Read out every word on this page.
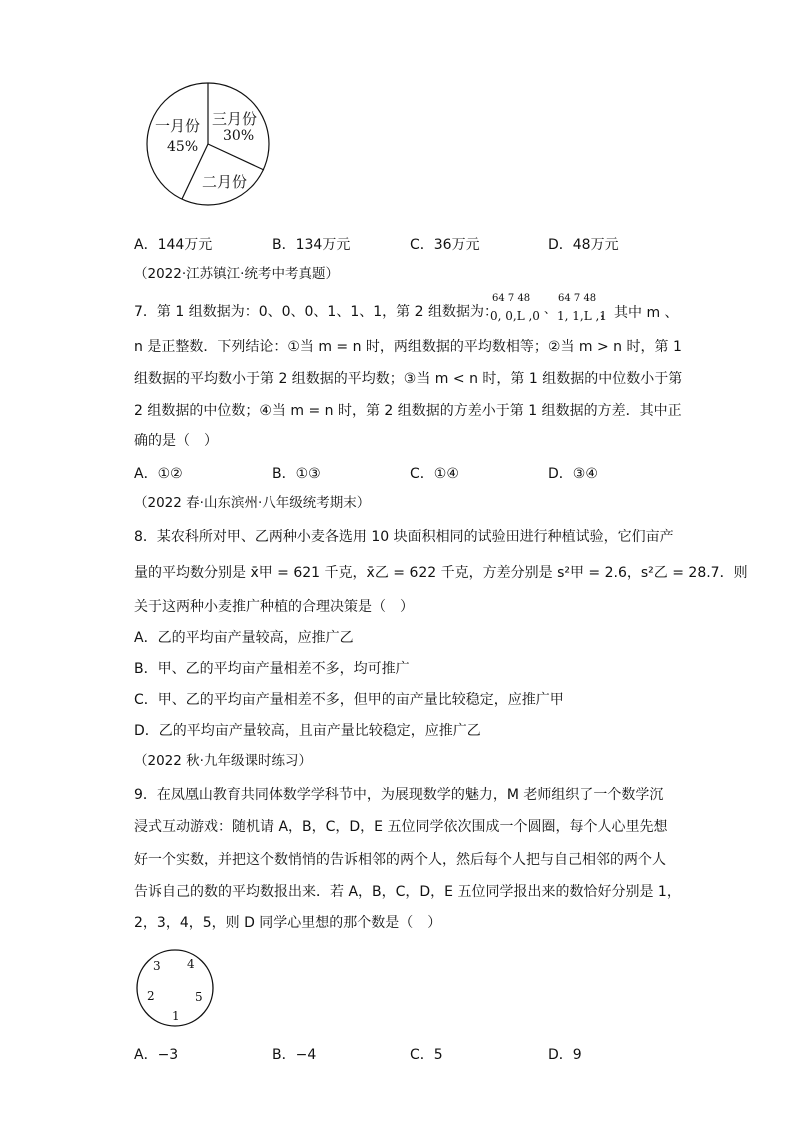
一月份
45%
三月份
30%
二月份
A．144万元	B．134万元	C．36万元	D．48万元
（2022·江苏镇江·统考中考真题）
7．第 1 组数据为：0、0、0、1、1、1，第 2 组数据为：
64 7 48
0, 0,L ,0 、
64 7 48
1, 1,L ,1
，其中 m 、
n 是正整数．下列结论：①当 m = n 时，两组数据的平均数相等；②当 m > n 时，第 1
组数据的平均数小于第 2 组数据的平均数；③当 m < n 时，第 1 组数据的中位数小于第
2 组数据的中位数；④当 m = n 时，第 2 组数据的方差小于第 1 组数据的方差．其中正
确的是（　）
A．①②	B．①③	C．①④	D．③④
（2022 春·山东滨州·八年级统考期末）
8．某农科所对甲、乙两种小麦各选用 10 块面积相同的试验田进行种植试验，它们亩产
量的平均数分别是 x̄甲 = 621 千克，x̄乙 = 622 千克，方差分别是 s²甲 = 2.6，s²乙 = 28.7．则
关于这两种小麦推广种植的合理决策是（　）
A．乙的平均亩产量较高，应推广乙
B．甲、乙的平均亩产量相差不多，均可推广
C．甲、乙的平均亩产量相差不多，但甲的亩产量比较稳定，应推广甲
D．乙的平均亩产量较高，且亩产量比较稳定，应推广乙
（2022 秋·九年级课时练习）
9．在凤凰山教育共同体数学学科节中，为展现数学的魅力，M 老师组织了一个数学沉
浸式互动游戏：随机请 A，B，C，D，E 五位同学依次围成一个圆圈，每个人心里先想
好一个实数，并把这个数悄悄的告诉相邻的两个人，然后每个人把与自己相邻的两个人
告诉自己的数的平均数报出来．若 A，B，C，D，E 五位同学报出来的数恰好分别是 1，
2，3，4，5，则 D 同学心里想的那个数是（　）
3 4
2	5
1
A．−3	B．−4	C．5	D．9
